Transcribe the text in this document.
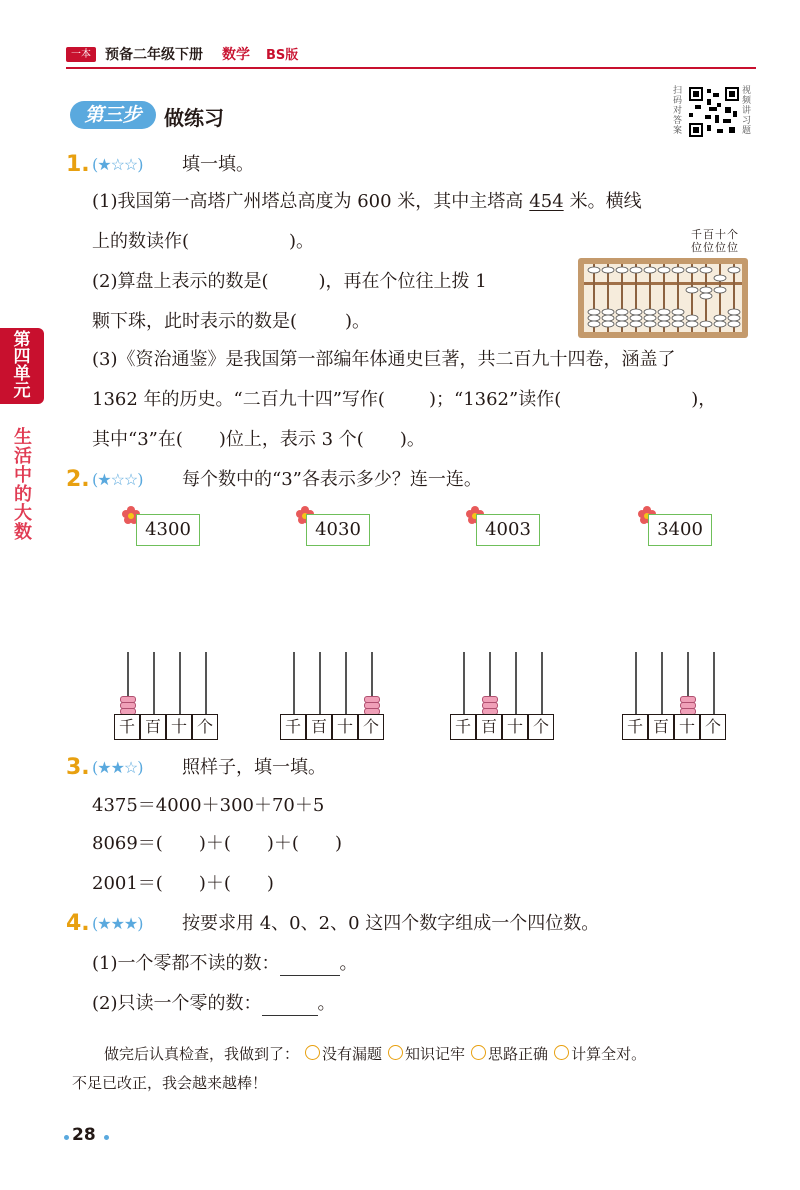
一本	预备二年级下册 数学 BS版
第三步	做练习
扫码对答案
视频讲习题
第四单元
生活中的大数
1. (★☆☆) 填一填。
(1)我国第一高塔广州塔总高度为 600 米，其中主塔高 454 米。横线
上的数读作(	)。	千百十个
位位位位
(2)算盘上表示的数是(	)，再在个位往上拨 1
颗下珠，此时表示的数是(	)。
(3)《资治通鉴》是我国第一部编年体通史巨著，共二百九十四卷，涵盖了
1362 年的历史。“二百九十四”写作( )；“1362”读作(	)，
其中“3”在( )位上，表示 3 个( )。
2. (★☆☆) 每个数中的“3”各表示多少？连一连。
4300	4030	4003	3400
千 百 十 个	千 百 十 个	千 百 十 个	千 百 十 个
3. (★★☆) 照样子，填一填。
4375＝4000＋300＋70＋5
8069＝( )＋( )＋( )
2001＝( )＋( )
4. (★★★) 按要求用 4、0、2、0 这四个数字组成一个四位数。
(1)一个零都不读的数：	。
(2)只读一个零的数：	。
做完后认真检查，我做到了： 没有漏题 知识记牢 思路正确 计算全对。
不足已改正，我会越来越棒！
28
